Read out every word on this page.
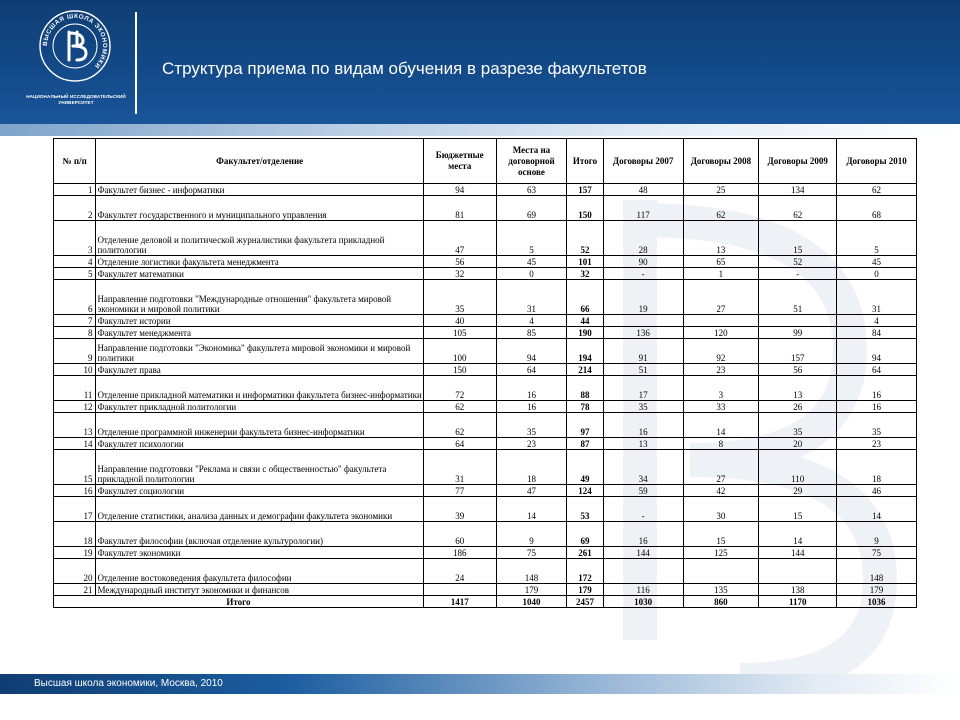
ВЫСШАЯ ШКОЛА ЭКОНОМИКИ
НАЦИОНАЛЬНЫЙ ИССЛЕДОВАТЕЛЬСКИЙ
УНИВЕРСИТЕТ
Структура приема по видам обучения в разрезе факультетов
№ п/п	Факультет/отделение	Бюджетные места	Места на договорной основе	Итого	Договоры 2007	Договоры 2008	Договоры 2009	Договоры 2010
1	Факультет бизнес - информатики	94	63	157	48	25	134	62
2	Факультет государственного и муниципального управления	81	69	150	117	62	62	68
3	Отделение деловой и политической журналистики факультета прикладной политологии	47	5	52	28	13	15	5
4	Отделение логистики факультета менеджмента	56	45	101	90	65	52	45
5	Факультет математики	32	0	32	-	1	-	0
6	Направление подготовки "Международные отношения" факультета мировой экономики и мировой политики	35	31	66	19	27	51	31
7	Факультет истории	40	4	44				4
8	Факультет менеджмента	105	85	190	136	120	99	84
9	Направление подготовки "Экономика" факультета мировой экономики и мировой политики	100	94	194	91	92	157	94
10	Факультет права	150	64	214	51	23	56	64
11	Отделение прикладной математики и информатики факультета бизнес-информатики	72	16	88	17	3	13	16
12	Факультет прикладной политологии	62	16	78	35	33	26	16
13	Отделение программной инженерии факультета бизнес-информатики	62	35	97	16	14	35	35
14	Факультет психологии	64	23	87	13	8	20	23
15	Направление подготовки "Реклама и связи с общественностью" факультета прикладной политологии	31	18	49	34	27	110	18
16	Факультет социологии	77	47	124	59	42	29	46
17	Отделение статистики, анализа данных и демографии факультета экономики	39	14	53	-	30	15	14
18	Факультет философии (включая отделение культурологии)	60	9	69	16	15	14	9
19	Факультет экономики	186	75	261	144	125	144	75
20	Отделение востоковедения факультета философии	24	148	172				148
21	Международный институт экономики и финансов		179	179	116	135	138	179
Итого		1417	1040	2457	1030	860	1170	1036
Высшая школа экономики, Москва, 2010
